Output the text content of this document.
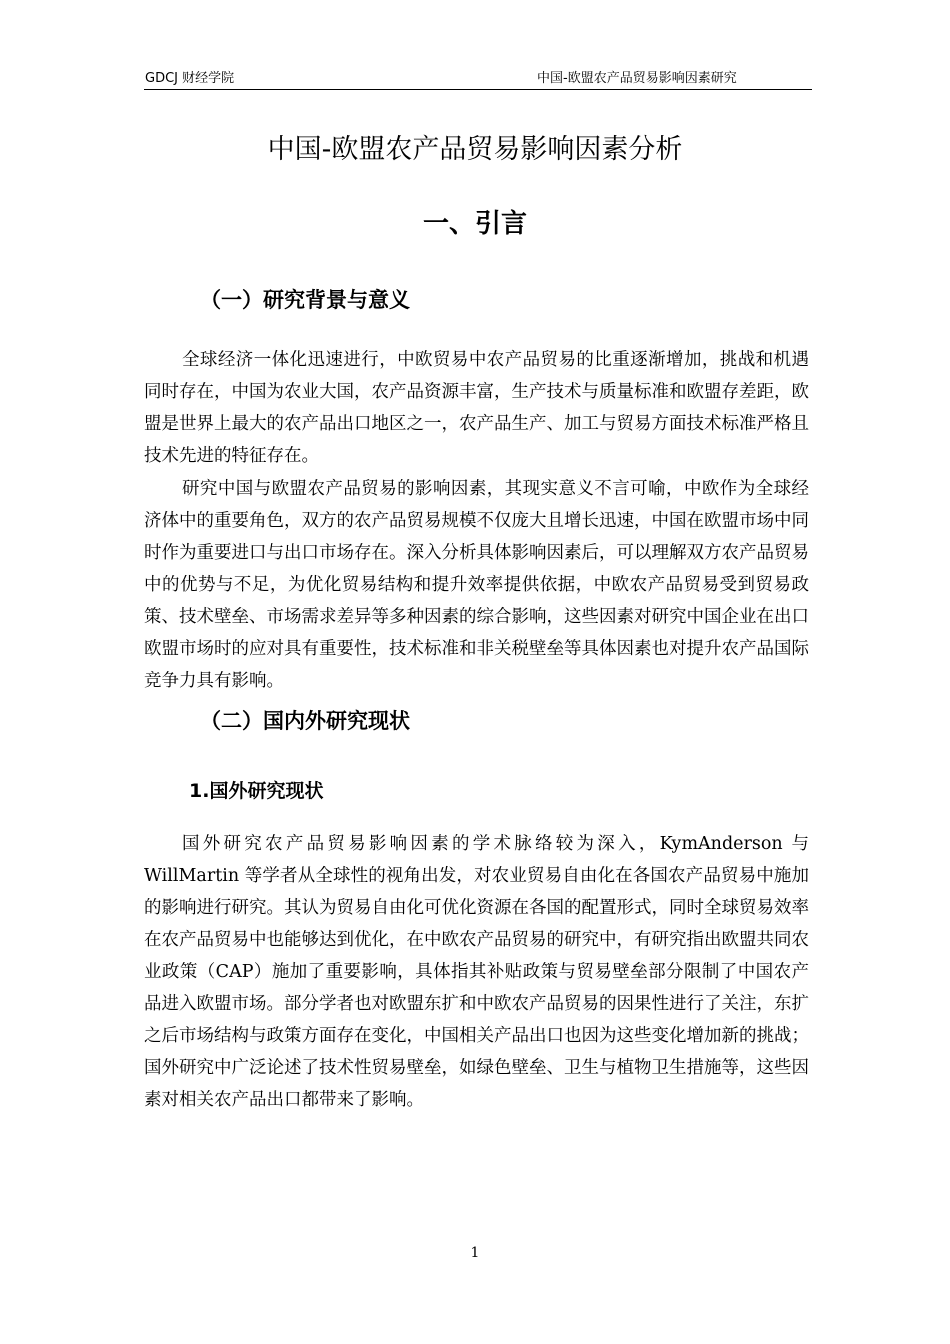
GDCJ 财经学院	中国-欧盟农产品贸易影响因素研究
中国-欧盟农产品贸易影响因素分析
一、引言
（一）研究背景与意义

全球经济一体化迅速进行，中欧贸易中农产品贸易的比重逐渐增加，挑战和机遇同时存在，中国为农业大国，农产品资源丰富，生产技术与质量标准和欧盟存差距，欧盟是世界上最大的农产品出口地区之一，农产品生产、加工与贸易方面技术标准严格且技术先进的特征存在。

研究中国与欧盟农产品贸易的影响因素，其现实意义不言可喻，中欧作为全球经济体中的重要角色，双方的农产品贸易规模不仅庞大且增长迅速，中国在欧盟市场中同时作为重要进口与出口市场存在。深入分析具体影响因素后，可以理解双方农产品贸易中的优势与不足，为优化贸易结构和提升效率提供依据，中欧农产品贸易受到贸易政策、技术壁垒、市场需求差异等多种因素的综合影响，这些因素对研究中国企业在出口欧盟市场时的应对具有重要性，技术标准和非关税壁垒等具体因素也对提升农产品国际竞争力具有影响。

（二）国内外研究现状
1.国外研究现状

国外研究农产品贸易影响因素的学术脉络较为深入，KymAnderson 与 WillMartin 等学者从全球性的视角出发，对农业贸易自由化在各国农产品贸易中施加的影响进行研究。其认为贸易自由化可优化资源在各国的配置形式，同时全球贸易效率在农产品贸易中也能够达到优化，在中欧农产品贸易的研究中，有研究指出欧盟共同农业政策（CAP）施加了重要影响，具体指其补贴政策与贸易壁垒部分限制了中国农产品进入欧盟市场。部分学者也对欧盟东扩和中欧农产品贸易的因果性进行了关注，东扩之后市场结构与政策方面存在变化，中国相关产品出口也因为这些变化增加新的挑战；国外研究中广泛论述了技术性贸易壁垒，如绿色壁垒、卫生与植物卫生措施等，这些因素对相关农产品出口都带来了影响。

1
